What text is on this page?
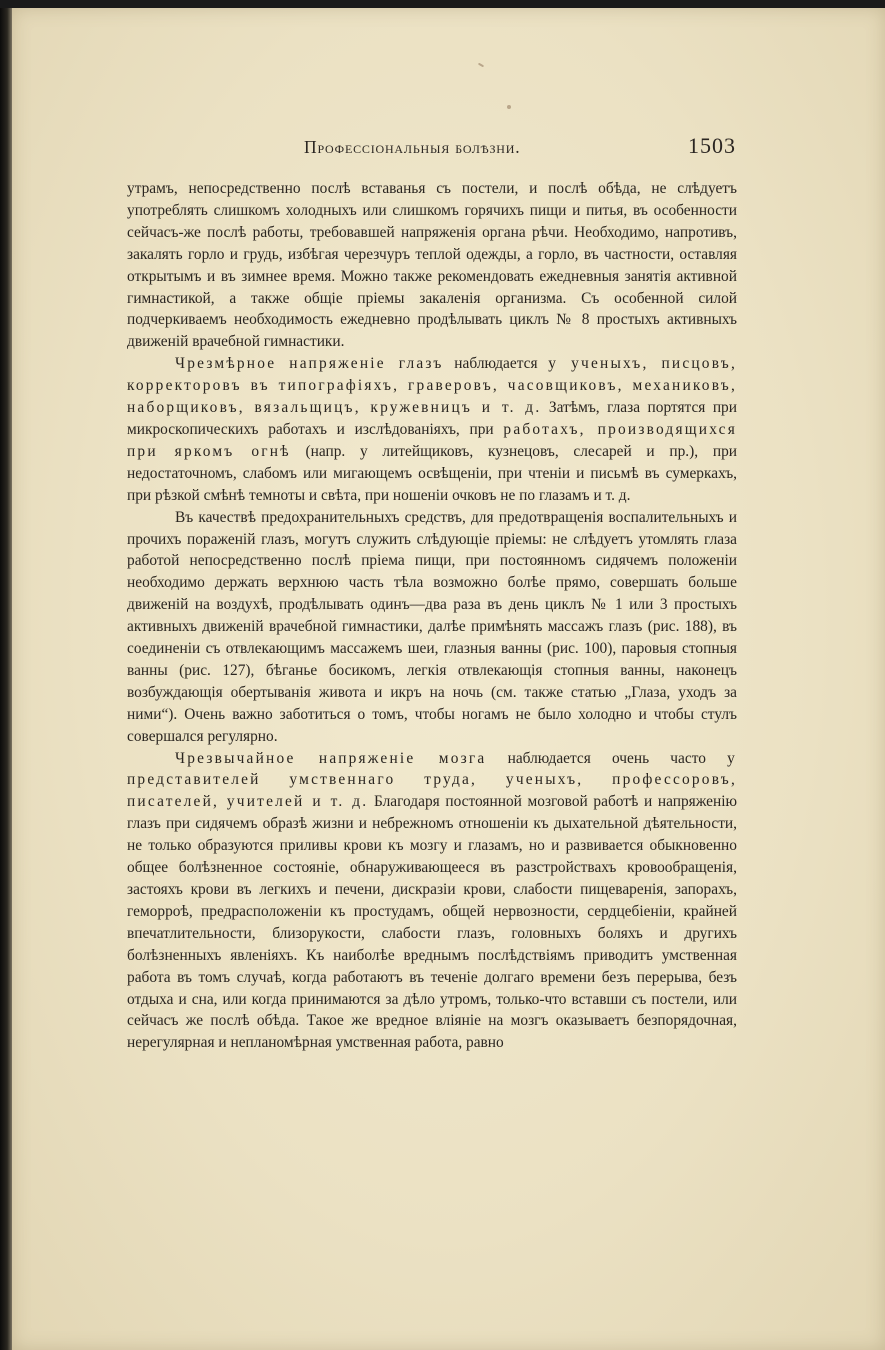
Профессіональныя болѣзни.	1503

утрамъ, непосредственно послѣ вставанья съ постели, и послѣ обѣда, не слѣдуетъ употреблять слишкомъ холодныхъ или слишкомъ горячихъ пищи и питья, въ особенности сейчасъ-же послѣ работы, требовавшей напряженія органа рѣчи. Необходимо, напротивъ, закалять горло и грудь, избѣгая черезчуръ теплой одежды, а горло, въ частности, оставляя открытымъ и въ зимнее время. Можно также рекомендовать ежедневныя занятія активной гимнастикой, а также общіе пріемы закаленія организма. Съ особенной силой подчеркиваемъ необходимость ежедневно продѣлывать циклъ № 8 простыхъ активныхъ движеній врачебной гимнастики.

Чрезмѣрное напряженіе глазъ наблюдается у ученыхъ, писцовъ, корректоровъ въ типографіяхъ, граверовъ, часовщиковъ, механиковъ, наборщиковъ, вязальщицъ, кружевницъ и т. д. Затѣмъ, глаза портятся при микроскопическихъ работахъ и изслѣдованіяхъ, при работахъ, производящихся при яркомъ огнѣ (напр. у литейщиковъ, кузнецовъ, слесарей и пр.), при недостаточномъ, слабомъ или мигающемъ освѣщеніи, при чтеніи и письмѣ въ сумеркахъ, при рѣзкой смѣнѣ темноты и свѣта, при ношеніи очковъ не по глазамъ и т. д.

Въ качествѣ предохранительныхъ средствъ, для предотвращенія воспалительныхъ и прочихъ пораженій глазъ, могутъ служить слѣдующіе пріемы: не слѣдуетъ утомлять глаза работой непосредственно послѣ пріема пищи, при постоянномъ сидячемъ положеніи необходимо держать верхнюю часть тѣла возможно болѣе прямо, совершать больше движеній на воздухѣ, продѣлывать одинъ—два раза въ день циклъ № 1 или 3 простыхъ активныхъ движеній врачебной гимнастики, далѣе примѣнять массажъ глазъ (рис. 188), въ соединеніи съ отвлекающимъ массажемъ шеи, глазныя ванны (рис. 100), паровыя стопныя ванны (рис. 127), бѣганье босикомъ, легкія отвлекающія стопныя ванны, наконецъ возбуждающія обертыванія живота и икръ на ночь (см. также статью „Глаза, уходъ за ними“). Очень важно заботиться о томъ, чтобы ногамъ не было холодно и чтобы стулъ совершался регулярно.

Чрезвычайное напряженіе мозга наблюдается очень часто у представителей умственнаго труда, ученыхъ, профессоровъ, писателей, учителей и т. д. Благодаря постоянной мозговой работѣ и напряженію глазъ при сидячемъ образѣ жизни и небрежномъ отношеніи къ дыхательной дѣятельности, не только образуются приливы крови къ мозгу и глазамъ, но и развивается обыкновенно общее болѣзненное состояніе, обнаруживающееся въ разстройствахъ кровообращенія, застояхъ крови въ легкихъ и печени, дискразіи крови, слабости пищеваренія, запорахъ, геморроѣ, предрасположеніи къ простудамъ, общей нервозности, сердцебіеніи, крайней впечатлительности, близорукости, слабости глазъ, головныхъ боляхъ и другихъ болѣзненныхъ явленіяхъ. Къ наиболѣе вреднымъ послѣдствіямъ приводитъ умственная работа въ томъ случаѣ, когда работаютъ въ теченіе долгаго времени безъ перерыва, безъ отдыха и сна, или когда принимаются за дѣло утромъ, только-что вставши съ постели, или сейчасъ же послѣ обѣда. Такое же вредное вліяніе на мозгъ оказываетъ безпорядочная, нерегулярная и непланомѣрная умственная работа, равно
